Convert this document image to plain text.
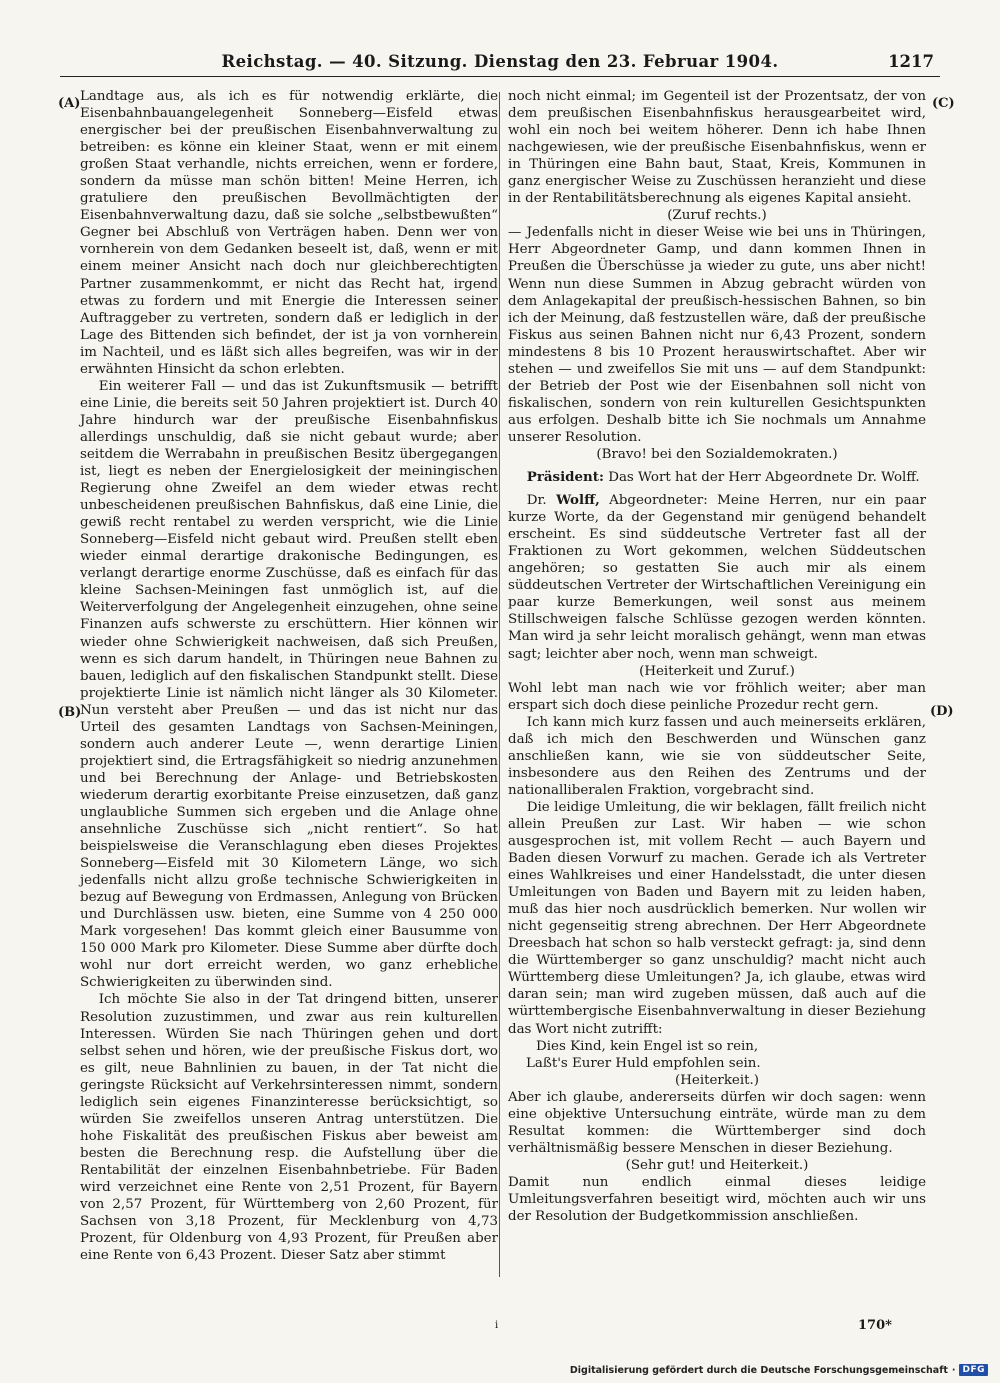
Reichstag. — 40. Sitzung. Dienstag den 23. Februar 1904.	1217
(A)
(B)
(C)
(D)

Landtage aus, als ich es für notwendig erklärte, die Eisenbahnbauangelegenheit Sonneberg—Eisfeld etwas energischer bei der preußischen Eisenbahnverwaltung zu betreiben: es könne ein kleiner Staat, wenn er mit einem großen Staat verhandle, nichts erreichen, wenn er fordere, sondern da müsse man schön bitten! Meine Herren, ich gratuliere den preußischen Bevollmächtigten der Eisenbahnverwaltung dazu, daß sie solche „selbstbewußten“ Gegner bei Abschluß von Verträgen haben. Denn wer von vornherein von dem Gedanken beseelt ist, daß, wenn er mit einem meiner Ansicht nach doch nur gleichberechtigten Partner zusammenkommt, er nicht das Recht hat, irgend etwas zu fordern und mit Energie die Interessen seiner Auftraggeber zu vertreten, sondern daß er lediglich in der Lage des Bittenden sich befindet, der ist ja von vornherein im Nachteil, und es läßt sich alles begreifen, was wir in der erwähnten Hinsicht da schon erlebten.

Ein weiterer Fall — und das ist Zukunftsmusik — betrifft eine Linie, die bereits seit 50 Jahren projektiert ist. Durch 40 Jahre hindurch war der preußische Eisenbahnfiskus allerdings unschuldig, daß sie nicht gebaut wurde; aber seitdem die Werrabahn in preußischen Besitz übergegangen ist, liegt es neben der Energielosigkeit der meiningischen Regierung ohne Zweifel an dem wieder etwas recht unbescheidenen preußischen Bahnfiskus, daß eine Linie, die gewiß recht rentabel zu werden verspricht, wie die Linie Sonneberg—Eisfeld nicht gebaut wird. Preußen stellt eben wieder einmal derartige drakonische Bedingungen, es verlangt derartige enorme Zuschüsse, daß es einfach für das kleine Sachsen-Meiningen fast unmöglich ist, auf die Weiterverfolgung der Angelegenheit einzugehen, ohne seine Finanzen aufs schwerste zu erschüttern. Hier können wir wieder ohne Schwierigkeit nachweisen, daß sich Preußen, wenn es sich darum handelt, in Thüringen neue Bahnen zu bauen, lediglich auf den fiskalischen Standpunkt stellt. Diese projektierte Linie ist nämlich nicht länger als 30 Kilometer. Nun versteht aber Preußen — und das ist nicht nur das Urteil des gesamten Landtags von Sachsen-Meiningen, sondern auch anderer Leute —, wenn derartige Linien projektiert sind, die Ertragsfähigkeit so niedrig anzunehmen und bei Berechnung der Anlage- und Betriebskosten wiederum derartig exorbitante Preise einzusetzen, daß ganz unglaubliche Summen sich ergeben und die Anlage ohne ansehnliche Zuschüsse sich „nicht rentiert“. So hat beispielsweise die Veranschlagung eben dieses Projektes Sonneberg—Eisfeld mit 30 Kilometern Länge, wo sich jedenfalls nicht allzu große technische Schwierigkeiten in bezug auf Bewegung von Erdmassen, Anlegung von Brücken und Durchlässen usw. bieten, eine Summe von 4 250 000 Mark vorgesehen! Das kommt gleich einer Bausumme von 150 000 Mark pro Kilometer. Diese Summe aber dürfte doch wohl nur dort erreicht werden, wo ganz erhebliche Schwierigkeiten zu überwinden sind.

Ich möchte Sie also in der Tat dringend bitten, unserer Resolution zuzustimmen, und zwar aus rein kulturellen Interessen. Würden Sie nach Thüringen gehen und dort selbst sehen und hören, wie der preußische Fiskus dort, wo es gilt, neue Bahnlinien zu bauen, in der Tat nicht die geringste Rücksicht auf Verkehrsinteressen nimmt, sondern lediglich sein eigenes Finanzinteresse berücksichtigt, so würden Sie zweifellos unseren Antrag unterstützen. Die hohe Fiskalität des preußischen Fiskus aber beweist am besten die Berechnung resp. die Aufstellung über die Rentabilität der einzelnen Eisenbahnbetriebe. Für Baden wird verzeichnet eine Rente von 2,51 Prozent, für Bayern von 2,57 Prozent, für Württemberg von 2,60 Prozent, für Sachsen von 3,18 Prozent, für Mecklenburg von 4,73 Prozent, für Oldenburg von 4,93 Prozent, für Preußen aber eine Rente von 6,43 Prozent. Dieser Satz aber stimmt

noch nicht einmal; im Gegenteil ist der Prozentsatz, der von dem preußischen Eisenbahnfiskus herausgearbeitet wird, wohl ein noch bei weitem höherer. Denn ich habe Ihnen nachgewiesen, wie der preußische Eisenbahnfiskus, wenn er in Thüringen eine Bahn baut, Staat, Kreis, Kommunen in ganz energischer Weise zu Zuschüssen heranzieht und diese in der Rentabilitätsberechnung als eigenes Kapital ansieht.

(Zuruf rechts.)

— Jedenfalls nicht in dieser Weise wie bei uns in Thüringen, Herr Abgeordneter Gamp, und dann kommen Ihnen in Preußen die Überschüsse ja wieder zu gute, uns aber nicht! Wenn nun diese Summen in Abzug gebracht würden von dem Anlagekapital der preußisch-hessischen Bahnen, so bin ich der Meinung, daß festzustellen wäre, daß der preußische Fiskus aus seinen Bahnen nicht nur 6,43 Prozent, sondern mindestens 8 bis 10 Prozent herauswirtschaftet. Aber wir stehen — und zweifellos Sie mit uns — auf dem Standpunkt: der Betrieb der Post wie der Eisenbahnen soll nicht von fiskalischen, sondern von rein kulturellen Gesichtspunkten aus erfolgen. Deshalb bitte ich Sie nochmals um Annahme unserer Resolution.

(Bravo! bei den Sozialdemokraten.)

Präsident: Das Wort hat der Herr Abgeordnete Dr. Wolff.

Dr. Wolff, Abgeordneter: Meine Herren, nur ein paar kurze Worte, da der Gegenstand mir genügend behandelt erscheint. Es sind süddeutsche Vertreter fast all der Fraktionen zu Wort gekommen, welchen Süddeutschen angehören; so gestatten Sie auch mir als einem süddeutschen Vertreter der Wirtschaftlichen Vereinigung ein paar kurze Bemerkungen, weil sonst aus meinem Stillschweigen falsche Schlüsse gezogen werden könnten. Man wird ja sehr leicht moralisch gehängt, wenn man etwas sagt; leichter aber noch, wenn man schweigt.

(Heiterkeit und Zuruf.)

Wohl lebt man nach wie vor fröhlich weiter; aber man erspart sich doch diese peinliche Prozedur recht gern.

Ich kann mich kurz fassen und auch meinerseits erklären, daß ich mich den Beschwerden und Wünschen ganz anschließen kann, wie sie von süddeutscher Seite, insbesondere aus den Reihen des Zentrums und der nationalliberalen Fraktion, vorgebracht sind.

Die leidige Umleitung, die wir beklagen, fällt freilich nicht allein Preußen zur Last. Wir haben — wie schon ausgesprochen ist, mit vollem Recht — auch Bayern und Baden diesen Vorwurf zu machen. Gerade ich als Vertreter eines Wahlkreises und einer Handelsstadt, die unter diesen Umleitungen von Baden und Bayern mit zu leiden haben, muß das hier noch ausdrücklich bemerken. Nur wollen wir nicht gegenseitig streng abrechnen. Der Herr Abgeordnete Dreesbach hat schon so halb versteckt gefragt: ja, sind denn die Württemberger so ganz unschuldig? macht nicht auch Württemberg diese Umleitungen? Ja, ich glaube, etwas wird daran sein; man wird zugeben müssen, daß auch auf die württembergische Eisenbahnverwaltung in dieser Beziehung das Wort nicht zutrifft:

Dies Kind, kein Engel ist so rein,

Laßt's Eurer Huld empfohlen sein.

(Heiterkeit.)

Aber ich glaube, andererseits dürfen wir doch sagen: wenn eine objektive Untersuchung einträte, würde man zu dem Resultat kommen: die Württemberger sind doch verhältnismäßig bessere Menschen in dieser Beziehung.

(Sehr gut! und Heiterkeit.)

Damit nun endlich einmal dieses leidige Umleitungsverfahren beseitigt wird, möchten auch wir uns der Resolution der Budgetkommission anschließen.

i	170*
Digitalisierung gefördert durch die Deutsche Forschungsgemeinschaft · DFG
